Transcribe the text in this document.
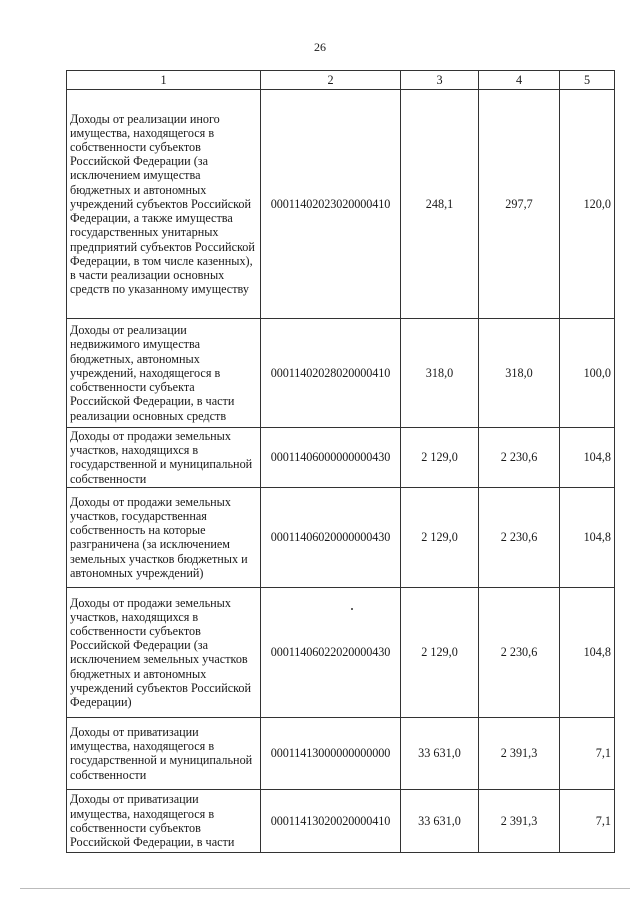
26
1	2	3	4	5
Доходы от реализации иного имущества, находящегося в собственности субъектов Российской Федерации (за исключением имущества бюджетных и автономных учреждений субъектов Российской Федерации, а также имущества государственных унитарных предприятий субъектов Российской Федерации, в том числе казенных), в части реализации основных средств по указанному имуществу	00011402023020000410	248,1	297,7	120,0
Доходы от реализации недвижимого имущества бюджетных, автономных учреждений, находящегося в собственности субъекта Российской Федерации, в части реализации основных средств	00011402028020000410	318,0	318,0	100,0
Доходы от продажи земельных участков, находящихся в государственной и муниципальной собственности	00011406000000000430	2 129,0	2 230,6	104,8
Доходы от продажи земельных участков, государственная собственность на которые разграничена (за исключением земельных участков бюджетных и автономных учреждений)	00011406020000000430	2 129,0	2 230,6	104,8
Доходы от продажи земельных участков, находящихся в собственности субъектов Российской Федерации (за исключением земельных участков бюджетных и автономных учреждений субъектов Российской Федерации)	00011406022020000430	2 129,0	2 230,6	104,8
Доходы от приватизации имущества, находящегося в государственной и муниципальной собственности	00011413000000000000	33 631,0	2 391,3	7,1
Доходы от приватизации имущества, находящегося в собственности субъектов Российской Федерации, в части	00011413020020000410	33 631,0	2 391,3	7,1
